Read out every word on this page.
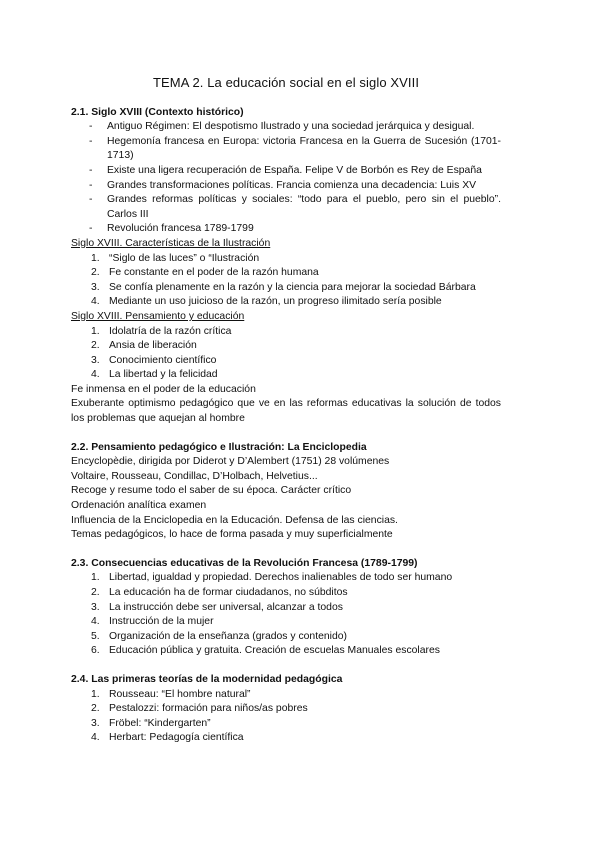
TEMA 2. La educación social en el siglo XVIII
2.1. Siglo XVIII (Contexto histórico)
- Antiguo Régimen: El despotismo Ilustrado y una sociedad jerárquica y desigual.
- Hegemonía francesa en Europa: victoria Francesa en la Guerra de Sucesión (1701-1713)
- Existe una ligera recuperación de España. Felipe V de Borbón es Rey de España
- Grandes transformaciones políticas. Francia comienza una decadencia: Luis XV
- Grandes reformas políticas y sociales: “todo para el pueblo, pero sin el pueblo”. Carlos III
- Revolución francesa 1789-1799
Siglo XVIII. Características de la Ilustración
1. “Siglo de las luces” o “Ilustración
2. Fe constante en el poder de la razón humana
3. Se confía plenamente en la razón y la ciencia para mejorar la sociedad Bárbara
4. Mediante un uso juicioso de la razón, un progreso ilimitado sería posible
Siglo XVIII. Pensamiento y educación
1. Idolatría de la razón crítica
2. Ansia de liberación
3. Conocimiento científico
4. La libertad y la felicidad

Fe inmensa en el poder de la educación

Exuberante optimismo pedagógico que ve en las reformas educativas la solución de todos los problemas que aquejan al hombre

2.2. Pensamiento pedagógico e Ilustración: La Enciclopedia

Encyclopèdie, dirigida por Diderot y D’Alembert (1751) 28 volúmenes

Voltaire, Rousseau, Condillac, D’Holbach, Helvetius...

Recoge y resume todo el saber de su época. Carácter crítico

Ordenación analítica examen

Influencia de la Enciclopedia en la Educación. Defensa de las ciencias.

Temas pedagógicos, lo hace de forma pasada y muy superficialmente

2.3. Consecuencias educativas de la Revolución Francesa (1789-1799)
1. Libertad, igualdad y propiedad. Derechos inalienables de todo ser humano
2. La educación ha de formar ciudadanos, no súbditos
3. La instrucción debe ser universal, alcanzar a todos
4. Instrucción de la mujer
5. Organización de la enseñanza (grados y contenido)
6. Educación pública y gratuita. Creación de escuelas Manuales escolares
2.4. Las primeras teorías de la modernidad pedagógica
1. Rousseau: “El hombre natural”
2. Pestalozzi: formación para niños/as pobres
3. Fröbel: “Kindergarten”
4. Herbart: Pedagogía científica
